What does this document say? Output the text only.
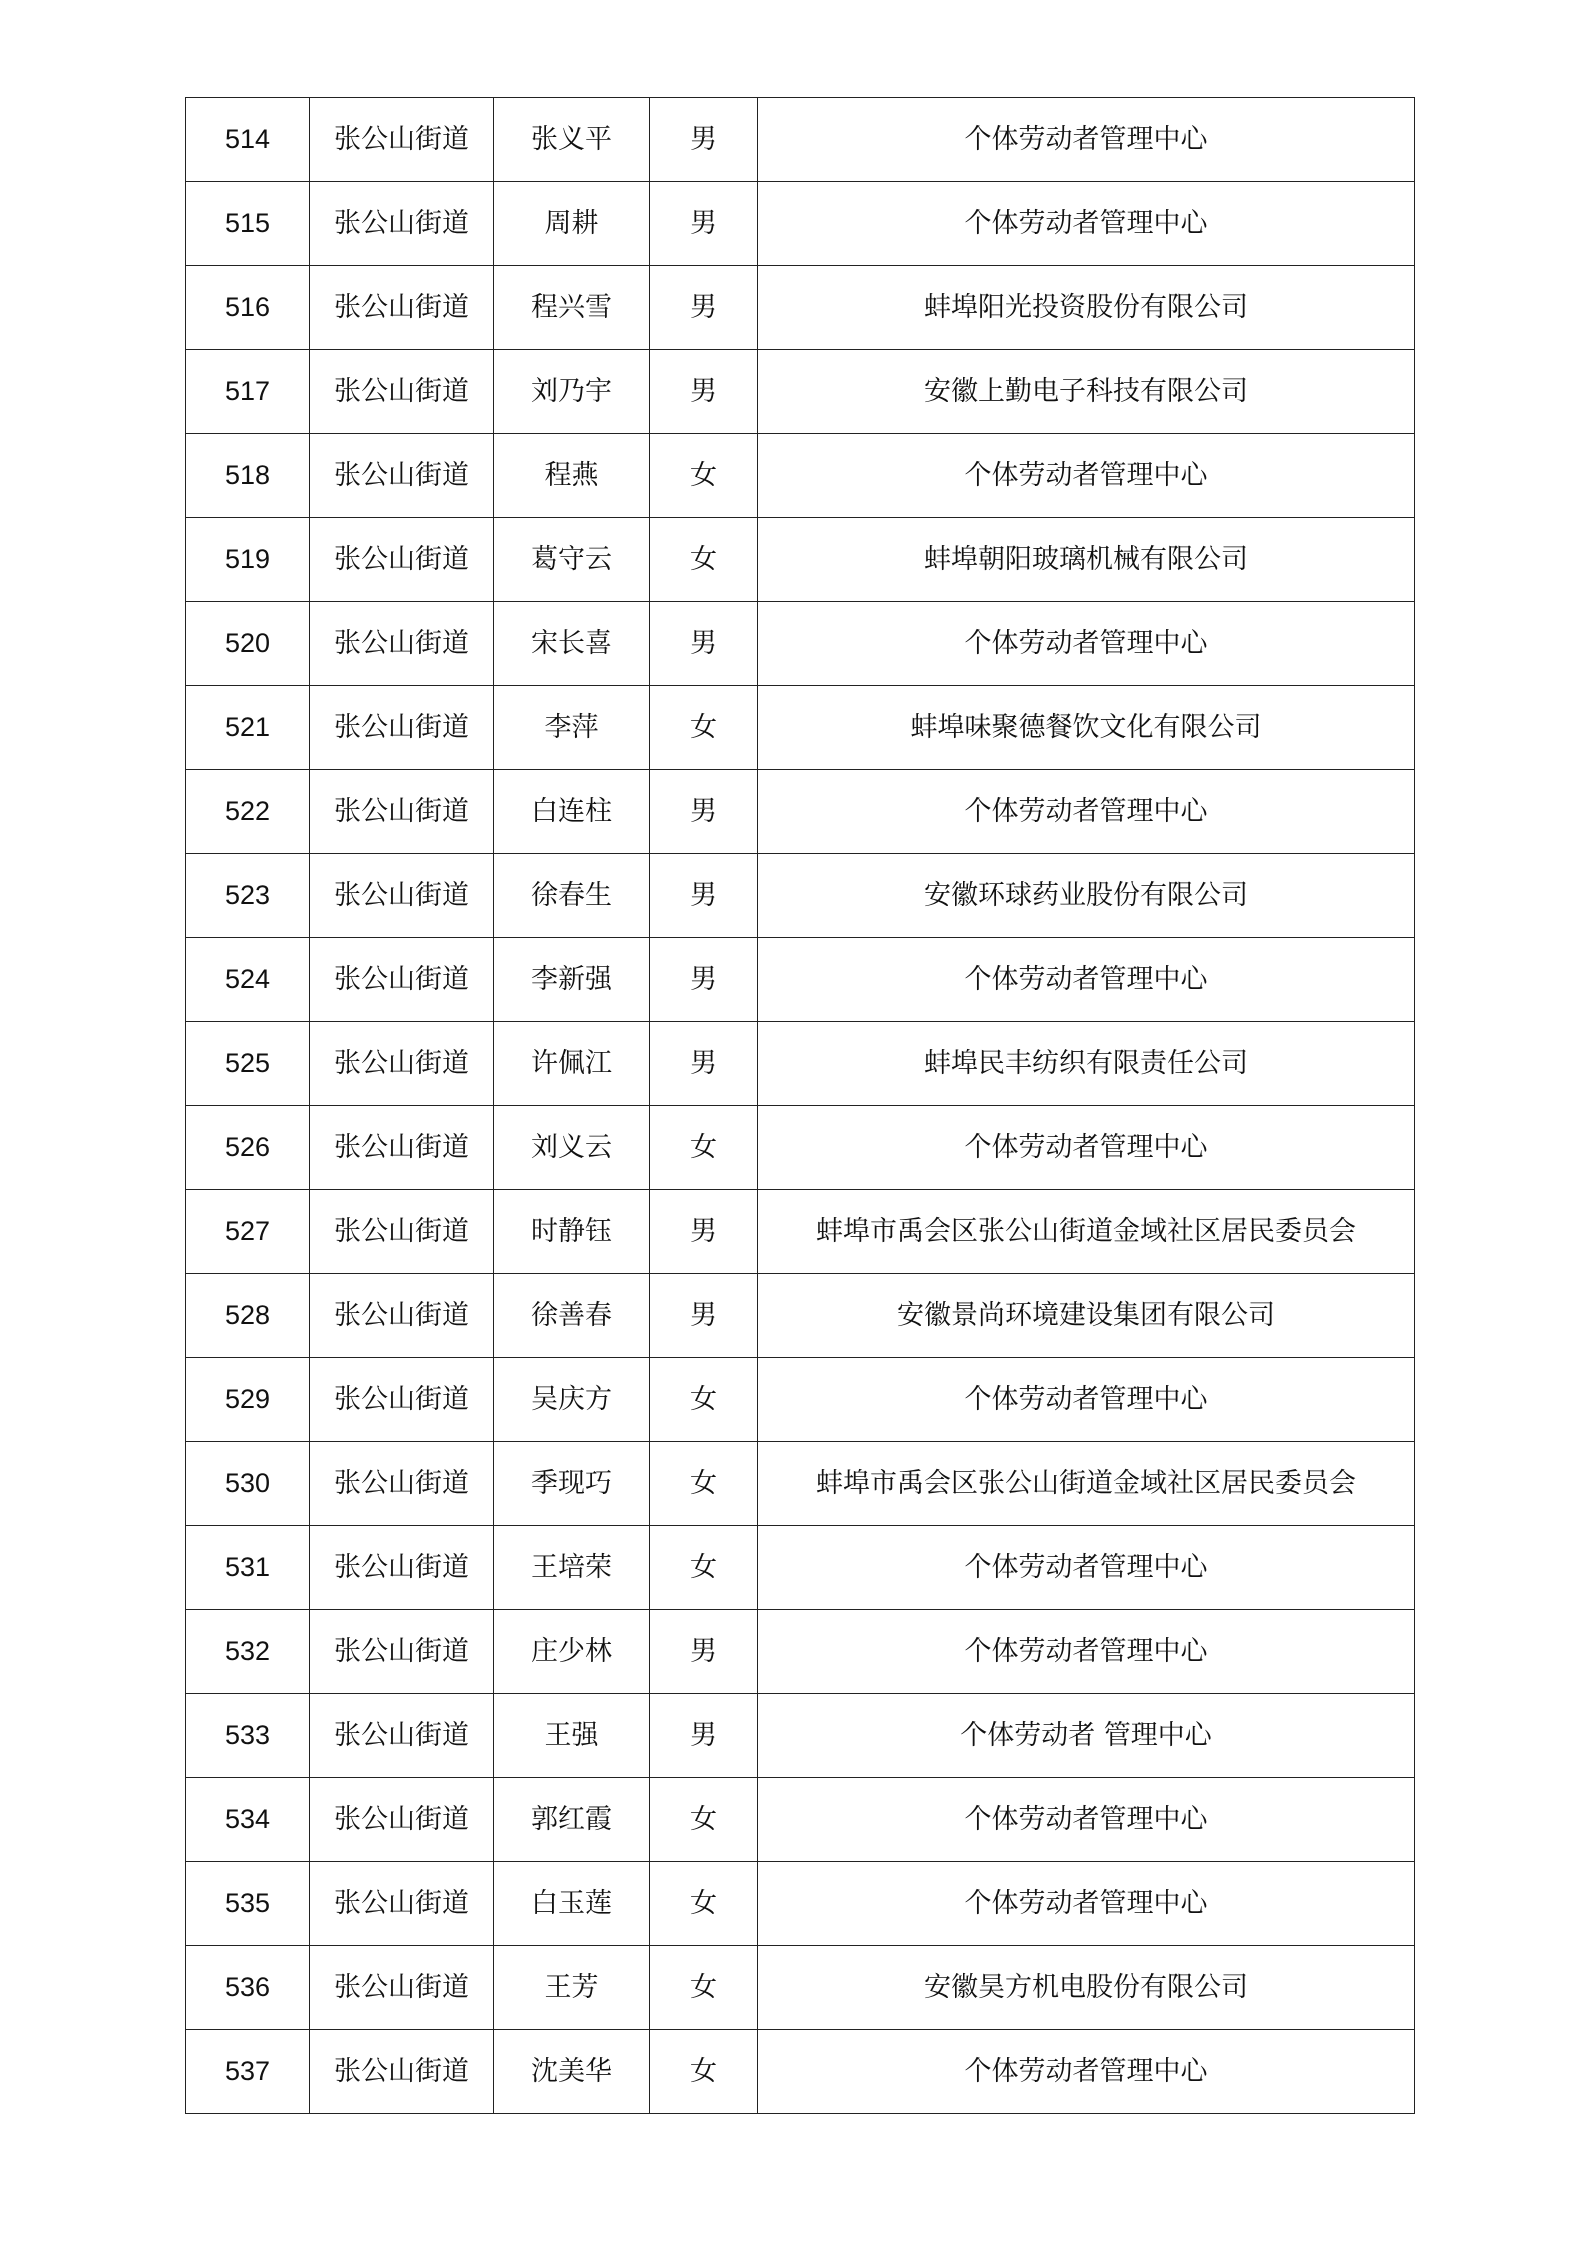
514	张公山街道	张义平	男	个体劳动者管理中心
515	张公山街道	周耕	男	个体劳动者管理中心
516	张公山街道	程兴雪	男	蚌埠阳光投资股份有限公司
517	张公山街道	刘乃宇	男	安徽上勤电子科技有限公司
518	张公山街道	程燕	女	个体劳动者管理中心
519	张公山街道	葛守云	女	蚌埠朝阳玻璃机械有限公司
520	张公山街道	宋长喜	男	个体劳动者管理中心
521	张公山街道	李萍	女	蚌埠味聚德餐饮文化有限公司
522	张公山街道	白连柱	男	个体劳动者管理中心
523	张公山街道	徐春生	男	安徽环球药业股份有限公司
524	张公山街道	李新强	男	个体劳动者管理中心
525	张公山街道	许佩江	男	蚌埠民丰纺织有限责任公司
526	张公山街道	刘义云	女	个体劳动者管理中心
527	张公山街道	时静钰	男	蚌埠市禹会区张公山街道金域社区居民委员会
528	张公山街道	徐善春	男	安徽景尚环境建设集团有限公司
529	张公山街道	吴庆方	女	个体劳动者管理中心
530	张公山街道	季现巧	女	蚌埠市禹会区张公山街道金域社区居民委员会
531	张公山街道	王培荣	女	个体劳动者管理中心
532	张公山街道	庄少林	男	个体劳动者管理中心
533	张公山街道	王强	男	个体劳动者 管理中心
534	张公山街道	郭红霞	女	个体劳动者管理中心
535	张公山街道	白玉莲	女	个体劳动者管理中心
536	张公山街道	王芳	女	安徽昊方机电股份有限公司
537	张公山街道	沈美华	女	个体劳动者管理中心
